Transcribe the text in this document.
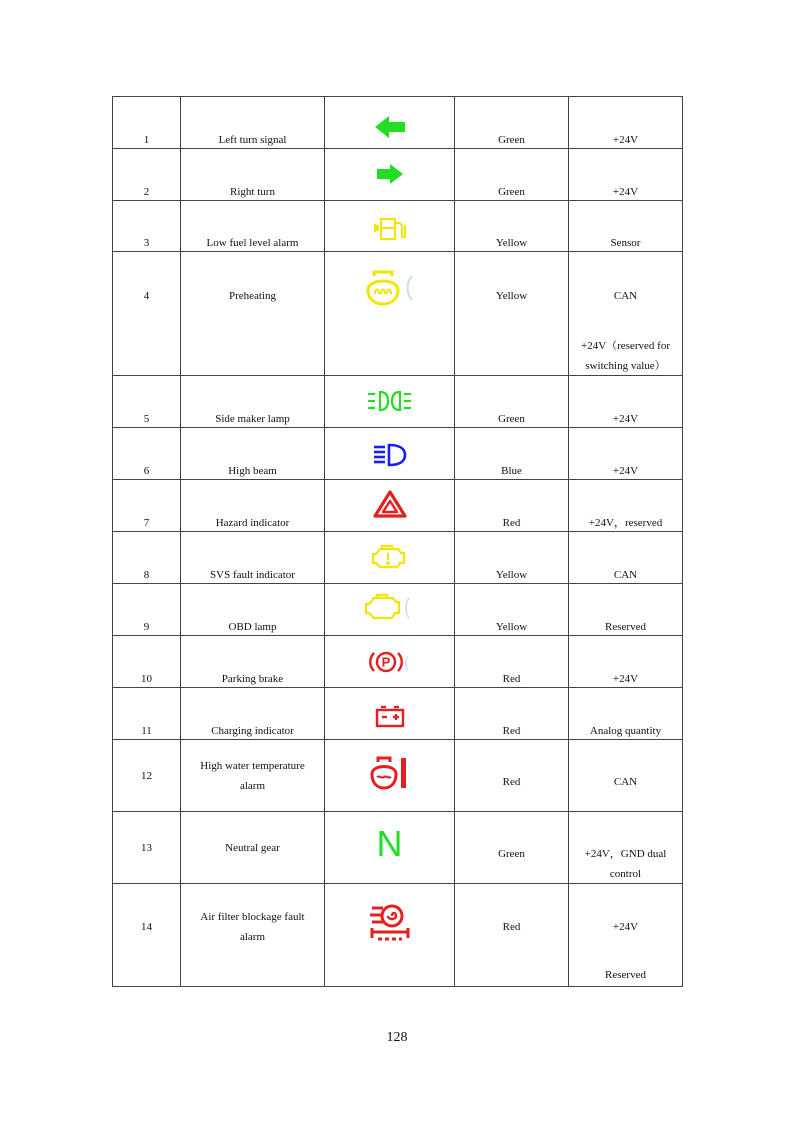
1	Left turn signal		Green	+24V

2	Right turn		Green	+24V

3	Low fuel level alarm		Yellow	Sensor

4	Preheating		Yellow	CAN
+24V（reserved for switching value）

5	Side maker lamp		Green	+24V

6	High beam		Blue	+24V

7	Hazard indicator		Red	+24V，reserved

8	SVS fault indicator		Yellow	CAN

9	OBD lamp		Yellow	Reserved

10	Parking brake	P	Red	+24V

11	Charging indicator		Red	Analog quantity

12	High water temperature alarm		Red	CAN

13	Neutral gear	N	Green	+24V，GND dual control

14	Air filter blockage fault alarm		Red	+24V
Reserved
128
